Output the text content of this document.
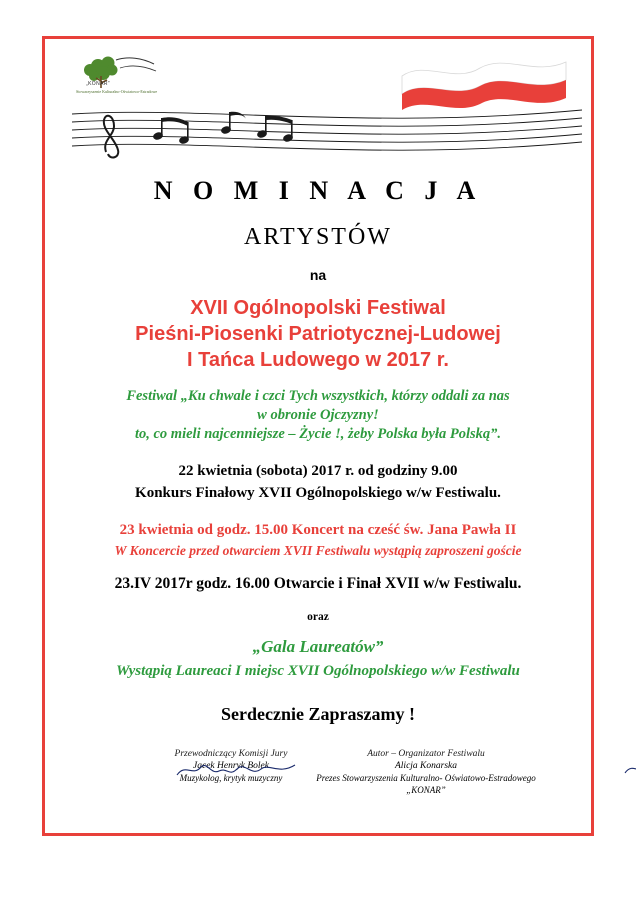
„KONAR”
Stowarzyszenie Kulturalno-Oświatowo-Estradowe
N O M I N A C J A
ARTYSTÓW
na
XVII Ogólnopolski Festiwal
Pieśni-Piosenki Patriotycznej-Ludowej
I Tańca Ludowego w 2017 r.
Festiwal „Ku chwale i czci Tych wszystkich, którzy oddali za nas
w obronie Ojczyzny!
to, co mieli najcenniejsze – Życie !, żeby Polska była Polską”.
22 kwietnia (sobota) 2017 r. od godziny 9.00
Konkurs Finałowy XVII Ogólnopolskiego w/w Festiwalu.
23 kwietnia od godz. 15.00 Koncert na cześć św. Jana Pawła II
W Koncercie przed otwarciem XVII Festiwalu wystąpią zaproszeni goście
23.IV 2017r godz. 16.00 Otwarcie i Finał XVII w/w Festiwalu.
oraz
„Gala Laureatów”
Wystąpią Laureaci I miejsc XVII Ogólnopolskiego w/w Festiwalu
Serdecznie Zapraszamy !
Przewodniczący Komisji Jury
Jacek Henryk Bolek
Muzykolog, krytyk muzyczny
Autor – Organizator Festiwalu
Alicja Konarska
Prezes Stowarzyszenia Kulturalno- Oświatowo-Estradowego „KONAR”
